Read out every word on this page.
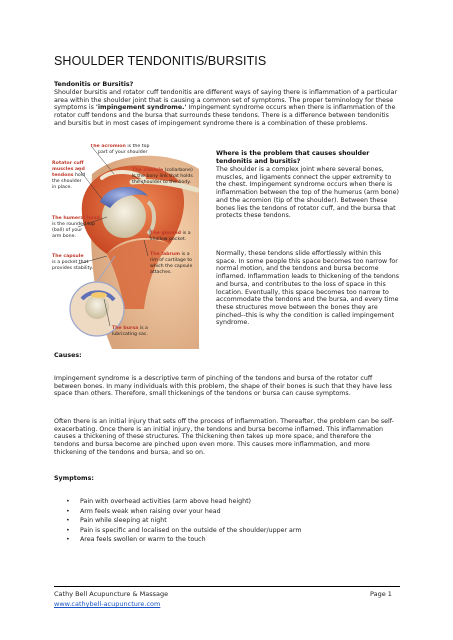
SHOULDER TENDONITIS/BURSITIS
Tendonitis or Bursitis?
Shoulder bursitis and rotator cuff tendonitis are different ways of saying there is inflammation of a particular area within the shoulder joint that is causing a common set of symptoms. The proper terminology for these symptoms is 'impingement syndrome.' Impingement syndrome occurs when there is inflammation of the rotator cuff tendons and the bursa that surrounds these tendons. There is a difference between tendonitis and bursitis but in most cases of impingement syndrome there is a combination of these problems.
The acromion is the top
part of your shoulder
Rotator cuff
muscles and
tendons hold
the shoulder
in place.
The clavicle (collarbone)
is the bony link that holds
the shoulder to the body.
The humeral head
is the rounded top
(ball) of your
arm bone.
The glenoid is a
shallow pocket.
The labrum is a
rim of cartilage to
which the capsule
attaches.
The capsule
is a pocket that
provides stability.
The bursa is a
lubricating sac.
Where is the problem that causes shoulder tendonitis and bursitis?
The shoulder is a complex joint where several bones, muscles, and ligaments connect the upper extremity to the chest. Impingement syndrome occurs when there is inflammation between the top of the humerus (arm bone) and the acromion (tip of the shoulder). Between these bones lies the tendons of rotator cuff, and the bursa that protects these tendons.
Normally, these tendons slide effortlessly within this space. In some people this space becomes too narrow for normal motion, and the tendons and bursa become inflamed. Inflammation leads to thickening of the tendons and bursa, and contributes to the loss of space in this location. Eventually, this space becomes too narrow to accommodate the tendons and the bursa, and every time these structures move between the bones they are pinched--this is why the condition is called impingement syndrome.
Causes:
Impingement syndrome is a descriptive term of pinching of the tendons and bursa of the rotator cuff between bones. In many individuals with this problem, the shape of their bones is such that they have less space than others. Therefore, small thickenings of the tendons or bursa can cause symptoms.
Often there is an initial injury that sets off the process of inflammation. Thereafter, the problem can be self-exacerbating. Once there is an initial injury, the tendons and bursa become inflamed. This inflammation causes a thickening of these structures. The thickening then takes up more space, and therefore the tendons and bursa become are pinched upon even more. This causes more inflammation, and more thickening of the tendons and bursa, and so on.
Symptoms:
• Pain with overhead activities (arm above head height)
• Arm feels weak when raising over your head
• Pain while sleeping at night
• Pain is specific and localised on the outside of the shoulder/upper arm
• Area feels swollen or warm to the touch
Cathy Bell Acupuncture & Massage
www.cathybell-acupuncture.com
Page 1
